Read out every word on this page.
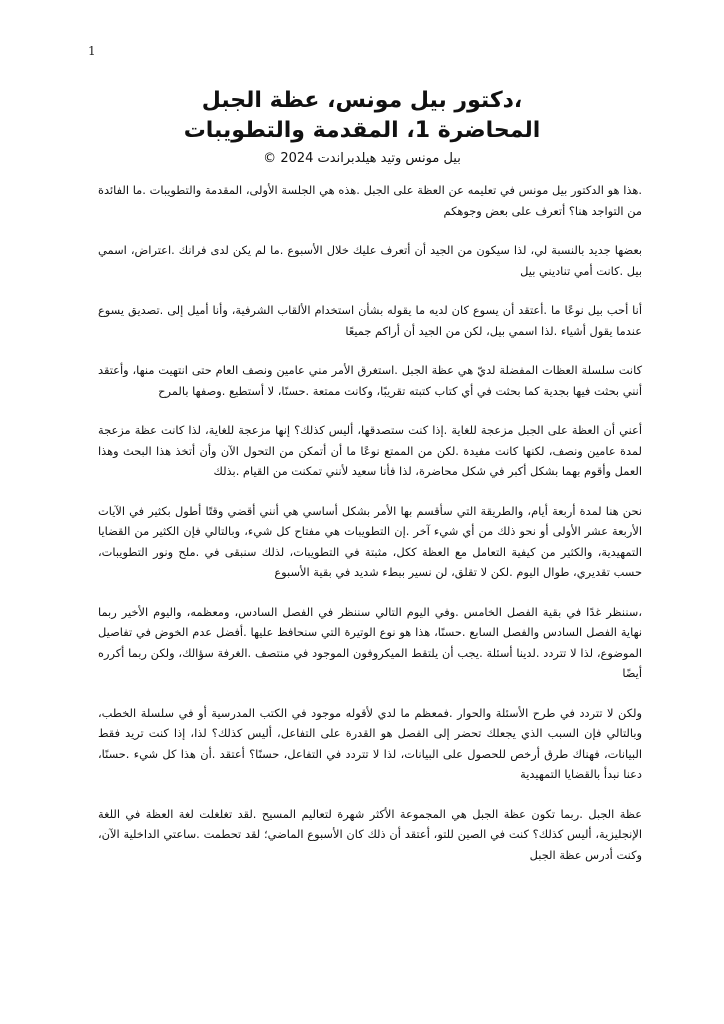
1
،دكتور بيل مونس، عظة الجبل
المحاضرة 1، المقدمة والتطويبات
بيل مونس وتيد هيلدبراندت 2024 ©

.هذا هو الدكتور بيل مونس في تعليمه عن العظة على الجبل .هذه هي الجلسة الأولى، المقدمة والتطويبات .ما الفائدة من التواجد هنا؟ أتعرف على بعض وجوهكم

بعضها جديد بالنسبة لي، لذا سيكون من الجيد أن أتعرف عليك خلال الأسبوع .ما لم يكن لدى فرانك .اعتراض، اسمي بيل .كانت أمي تناديني بيل

أنا أحب بيل نوعًا ما .أعتقد أن يسوع كان لديه ما يقوله بشأن استخدام الألقاب الشرفية، وأنا أميل إلى .تصديق يسوع عندما يقول أشياء .لذا اسمي بيل، لكن من الجيد أن أراكم جميعًا

كانت سلسلة العظات المفضلة لديّ هي عظة الجبل .استغرق الأمر مني عامين ونصف العام حتى انتهيت منها، وأعتقد أنني بحثت فيها بجدية كما بحثت في أي كتاب كتبته تقريبًا، وكانت ممتعة .حسنًا، لا أستطيع .وصفها بالمرح

أعني أن العظة على الجبل مزعجة للغاية .إذا كنت ستصدقها، أليس كذلك؟ إنها مزعجة للغاية، لذا كانت عظة مزعجة لمدة عامين ونصف، لكنها كانت مفيدة .لكن من الممتع نوعًا ما أن أتمكن من التحول الآن وأن أتخذ هذا البحث وهذا العمل وأقوم بهما بشكل أكبر في شكل محاضرة، لذا فأنا سعيد لأنني تمكنت من القيام .بذلك

نحن هنا لمدة أربعة أيام، والطريقة التي سأقسم بها الأمر بشكل أساسي هي أنني أقضي وقتًا أطول بكثير في الآيات الأربعة عشر الأولى أو نحو ذلك من أي شيء آخر .إن التطويبات هي مفتاح كل شيء، وبالتالي فإن الكثير من القضايا التمهيدية، والكثير من كيفية التعامل مع العظة ككل، مثبتة في التطويبات، لذلك سنبقى في .ملح ونور التطويبات، حسب تقديري، طوال اليوم .لكن لا تقلق، لن نسير ببطء شديد في بقية الأسبوع

،سننظر غدًا في بقية الفصل الخامس .وفي اليوم التالي سننظر في الفصل السادس، ومعظمه، واليوم الأخير ربما نهاية الفصل السادس والفصل السابع .حسنًا، هذا هو نوع الوتيرة التي سنحافظ عليها .أفضل عدم الخوض في تفاصيل الموضوع، لذا لا تتردد .لدينا أسئلة .يجب أن يلتقط الميكروفون الموجود في منتصف .الغرفة سؤالك، ولكن ربما أكرره أيضًا

ولكن لا تتردد في طرح الأسئلة والحوار .فمعظم ما لدي لأقوله موجود في الكتب المدرسية أو في سلسلة الخطب، وبالتالي فإن السبب الذي يجعلك تحضر إلى الفصل هو القدرة على التفاعل، أليس كذلك؟ لذا، إذا كنت تريد فقط البيانات، فهناك طرق أرخص للحصول على البيانات، لذا لا تتردد في التفاعل، حسنًا؟ أعتقد .أن هذا كل شيء .حسنًا، دعنا نبدأ بالقضايا التمهيدية

عظة الجبل .ربما تكون عظة الجبل هي المجموعة الأكثر شهرة لتعاليم المسيح .لقد تغلغلت لغة العظة في اللغة الإنجليزية، أليس كذلك؟ كنت في الصين للتو، أعتقد أن ذلك كان الأسبوع الماضي؛ لقد تحطمت .ساعتي الداخلية الآن، وكنت أدرس عظة الجبل
